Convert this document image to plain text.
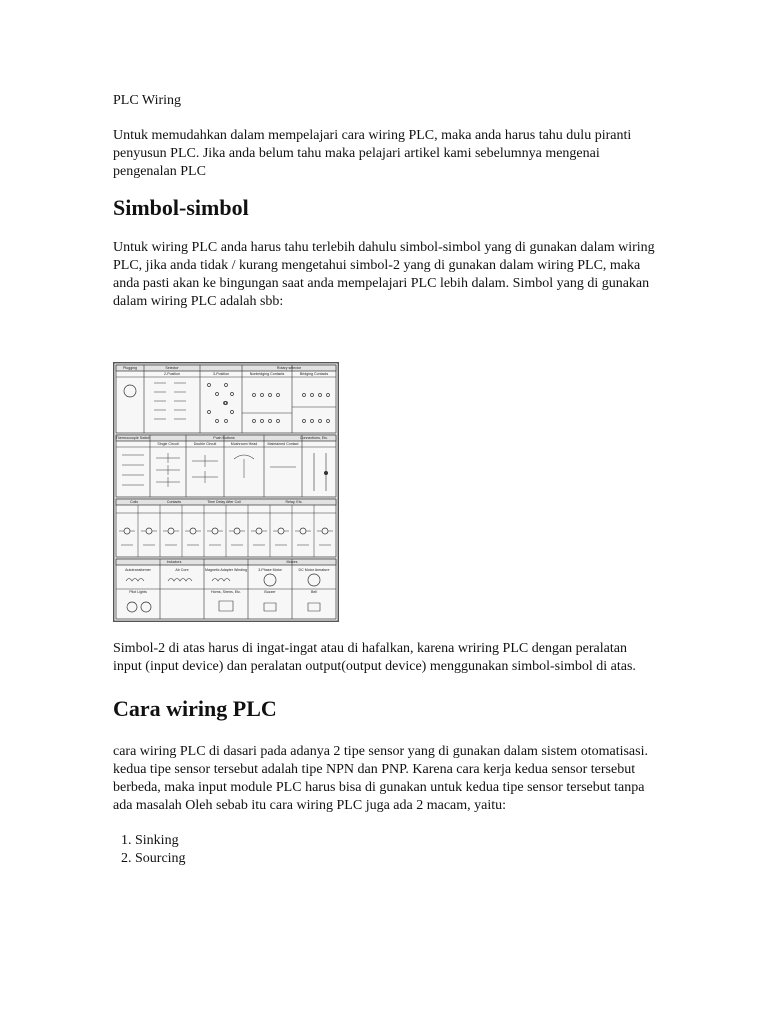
PLC Wiring

Untuk memudahkan dalam mempelajari cara wiring PLC, maka anda harus tahu dulu piranti penyusun PLC. Jika anda belum tahu maka pelajari artikel kami sebelumnya mengenai pengenalan PLC

Simbol-simbol

Untuk wiring PLC anda harus tahu terlebih dahulu simbol-simbol yang di gunakan dalam wiring PLC, jika anda tidak / kurang mengetahui simbol-2 yang di gunakan dalam wiring PLC, maka anda pasti akan ke bingungan saat anda mempelajari PLC lebih dalam. Simbol yang di gunakan dalam wiring PLC adalah sbb:

Plugging	Selector	Rotary selector
2-Position	3-Position	Nonbridging Contacts	Bridging Contacts
Thermocouple Switch	Push Buttons	Connections, Etc.
Single Circuit	Double Circuit	Mushroom Head	Maintained Contact
Coils	Time Delay After Coil	Relay, Etc.
Contacts
Inductors	Motors
Autotransformer	Air Core	Magnetic Adapter Winding	3-Phase Motor	DC Motor Armature
Pilot Lights	Horns, Sirens, Etc.	Buzzer	Bell

Simbol-2 di atas harus di ingat-ingat atau di hafalkan, karena wriring PLC dengan peralatan input (input device) dan peralatan output(output device) menggunakan simbol-simbol di atas.

Cara wiring PLC

cara wiring PLC di dasari pada adanya 2 tipe sensor yang di gunakan dalam sistem otomatisasi. kedua tipe sensor tersebut adalah tipe NPN dan PNP. Karena cara kerja kedua sensor tersebut berbeda, maka input module PLC harus bisa di gunakan untuk kedua tipe sensor tersebut tanpa ada masalah Oleh sebab itu cara wiring PLC juga ada 2 macam, yaitu:

1. Sinking
2. Sourcing
